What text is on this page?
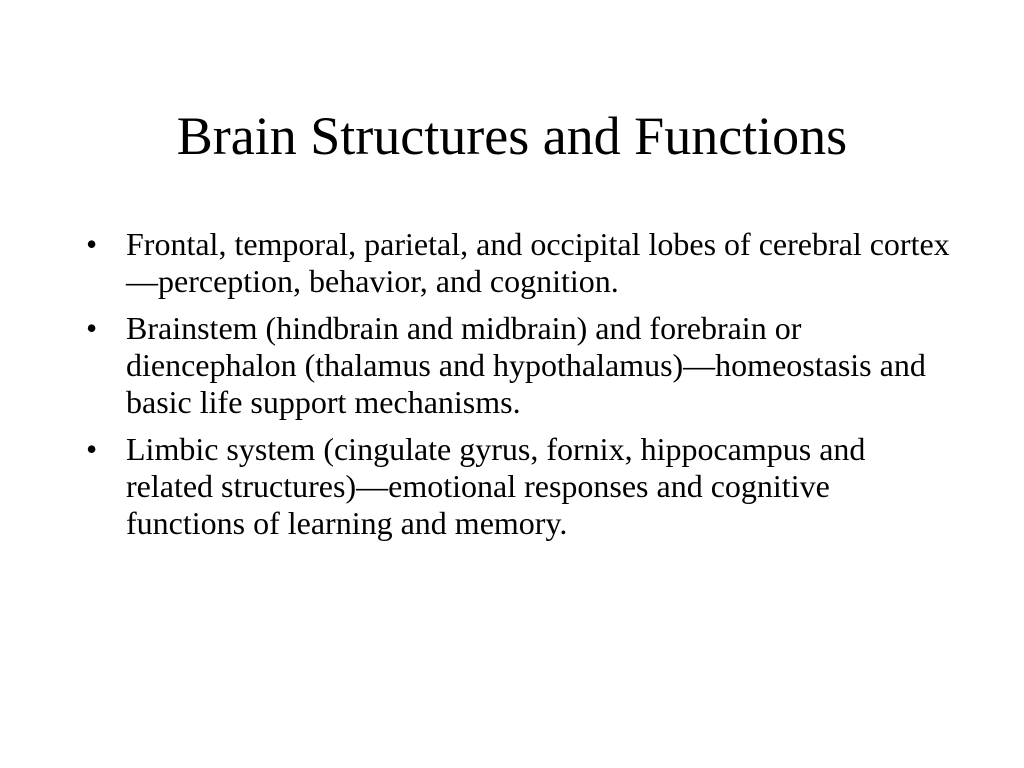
Brain Structures and Functions
• Frontal, temporal, parietal, and occipital lobes of cerebral cortex—perception, behavior, and cognition.
• Brainstem (hindbrain and midbrain) and forebrain or diencephalon (thalamus and hypothalamus)—homeostasis and basic life support mechanisms.
• Limbic system (cingulate gyrus, fornix, hippocampus and related structures)—emotional responses and cognitive functions of learning and memory.
